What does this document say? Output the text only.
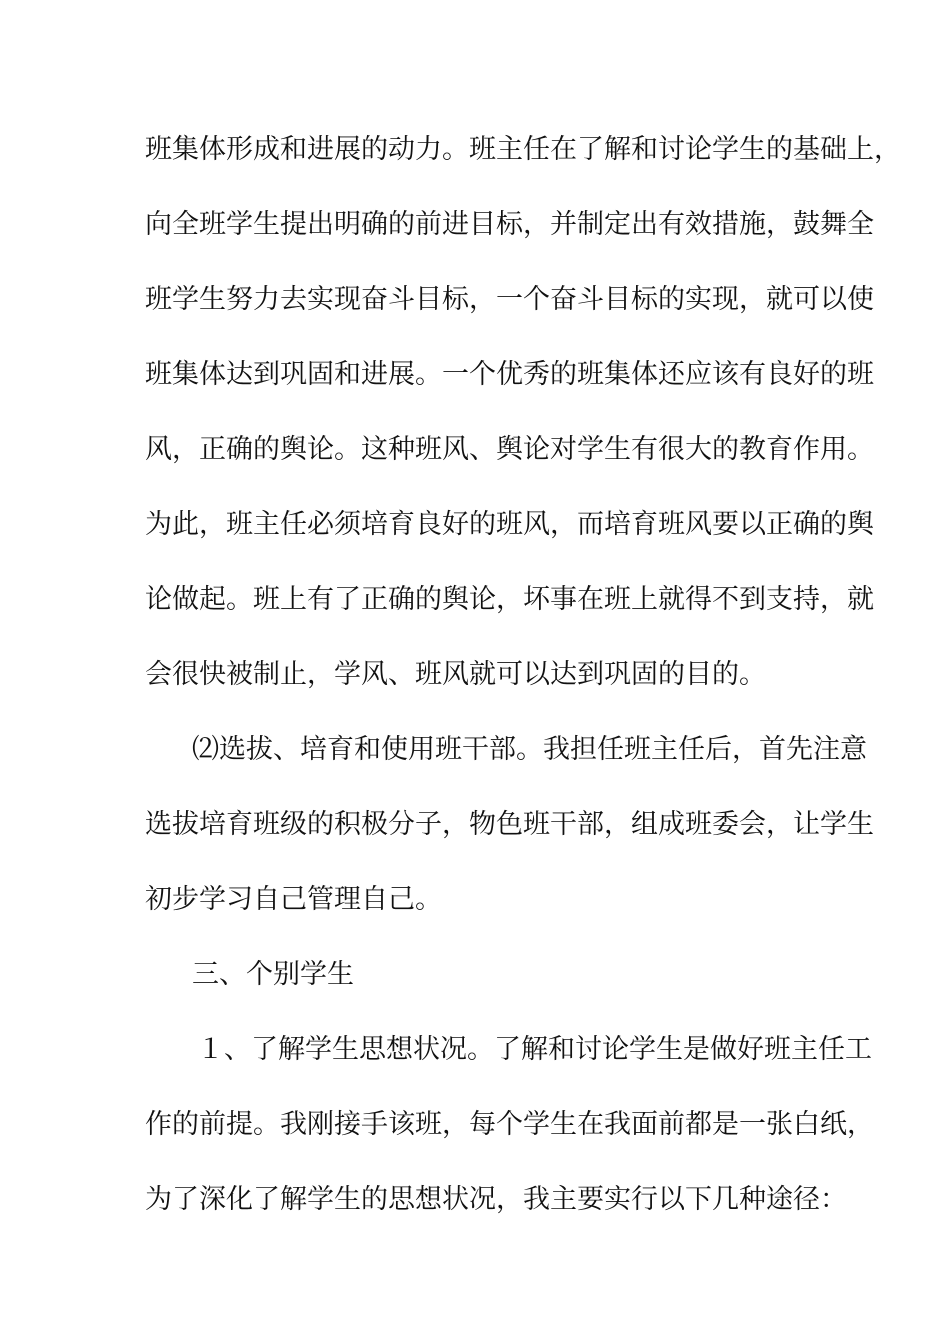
班集体形成和进展的动力。班主任在了解和讨论学生的基础上，
向全班学生提出明确的前进目标，并制定出有效措施，鼓舞全
班学生努力去实现奋斗目标，一个奋斗目标的实现，就可以使
班集体达到巩固和进展。一个优秀的班集体还应该有良好的班
风，正确的舆论。这种班风、舆论对学生有很大的教育作用。
为此，班主任必须培育良好的班风，而培育班风要以正确的舆
论做起。班上有了正确的舆论，坏事在班上就得不到支持，就
会很快被制止，学风、班风就可以达到巩固的目的。
⑵选拔、培育和使用班干部。我担任班主任后，首先注意
选拔培育班级的积极分子，物色班干部，组成班委会，让学生
初步学习自己管理自己。
三、个别学生
１、了解学生思想状况。了解和讨论学生是做好班主任工
作的前提。我刚接手该班，每个学生在我面前都是一张白纸，
为了深化了解学生的思想状况，我主要实行以下几种途径：
